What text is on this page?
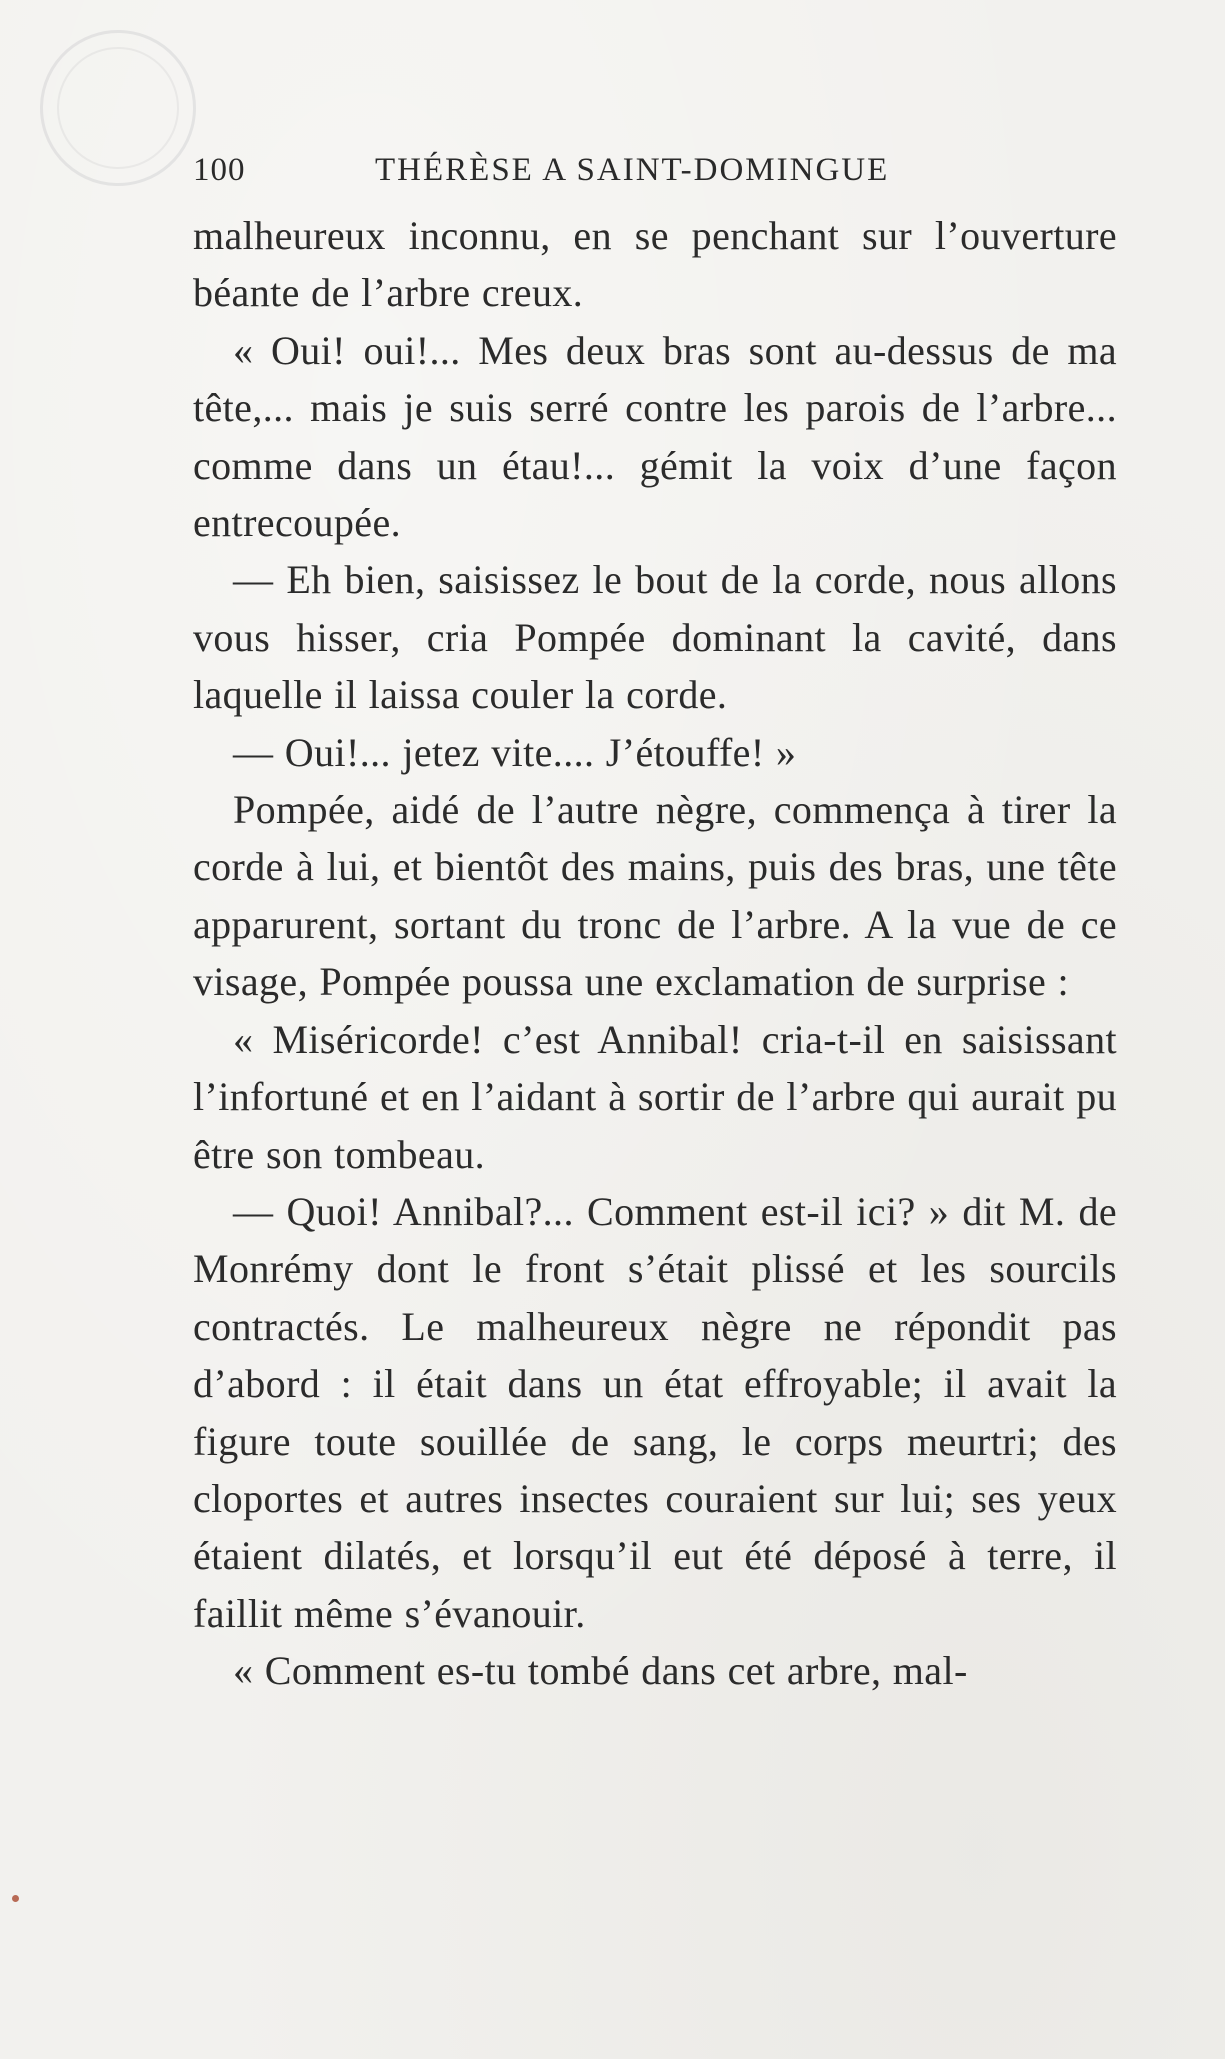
100	THÉRÈSE A SAINT-DOMINGUE

malheureux inconnu, en se penchant sur l’ouverture béante de l’arbre creux.

« Oui! oui!... Mes deux bras sont au-dessus de ma tête,... mais je suis serré contre les parois de l’arbre... comme dans un étau!... gémit la voix d’une façon entrecoupée.

— Eh bien, saisissez le bout de la corde, nous allons vous hisser, cria Pompée dominant la cavité, dans laquelle il laissa couler la corde.

— Oui!... jetez vite.... J’étouffe! »

Pompée, aidé de l’autre nègre, commença à tirer la corde à lui, et bientôt des mains, puis des bras, une tête apparurent, sortant du tronc de l’arbre. A la vue de ce visage, Pompée poussa une exclamation de surprise :

« Miséricorde! c’est Annibal! cria-t-il en saisissant l’infortuné et en l’aidant à sortir de l’arbre qui aurait pu être son tombeau.

— Quoi! Annibal?... Comment est-il ici? » dit M. de Monrémy dont le front s’était plissé et les sourcils contractés. Le malheureux nègre ne répondit pas d’abord : il était dans un état effroyable; il avait la figure toute souillée de sang, le corps meurtri; des cloportes et autres insectes couraient sur lui; ses yeux étaient dilatés, et lorsqu’il eut été déposé à terre, il faillit même s’évanouir.

« Comment es-tu tombé dans cet arbre, mal-
